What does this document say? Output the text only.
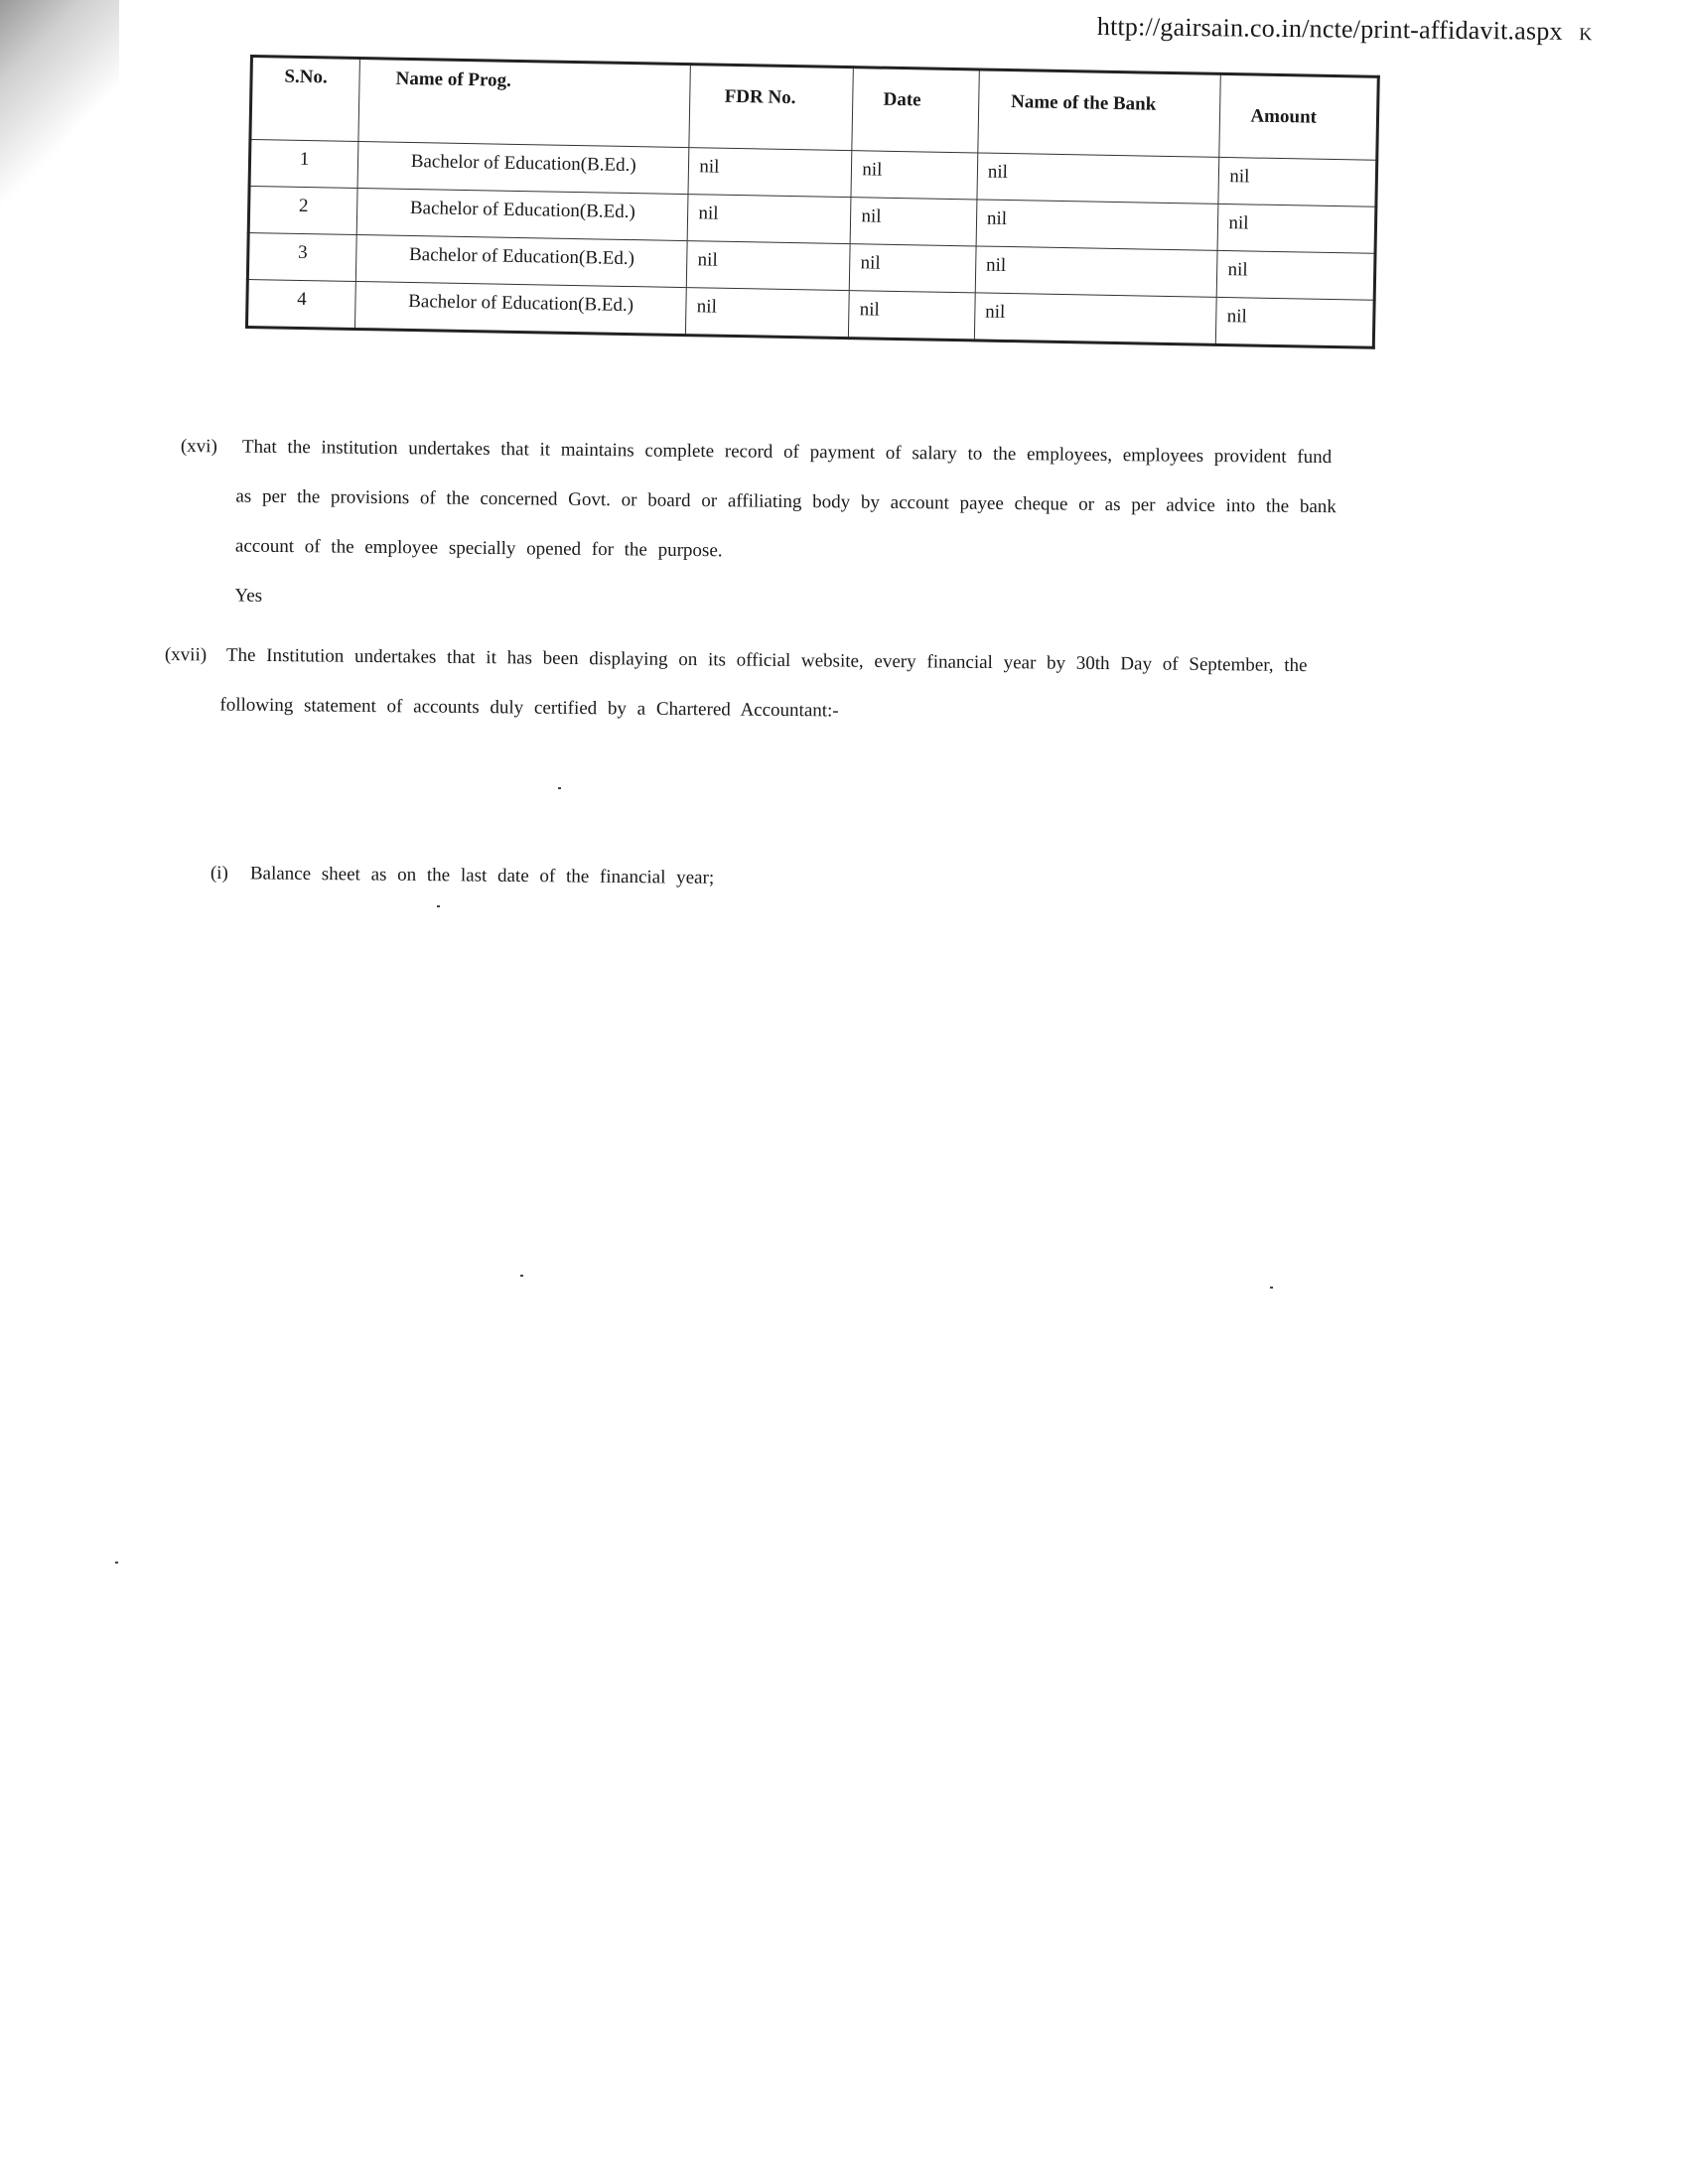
http://gairsain.co.in/ncte/print-affidavit.aspx K
S.No.	Name of Prog.	FDR No.	Date	Name of the Bank	Amount
1	Bachelor of Education(B.Ed.)	nil	nil	nil	nil
2	Bachelor of Education(B.Ed.)	nil	nil	nil	nil
3	Bachelor of Education(B.Ed.)	nil	nil	nil	nil
4	Bachelor of Education(B.Ed.)	nil	nil	nil	nil
(xvi) That the institution undertakes that it maintains complete record of payment of salary to the employees, employees provident fund
as per the provisions of the concerned Govt. or board or affiliating body by account payee cheque or as per advice into the bank
account of the employee specially opened for the purpose.
Yes
(xvii) The Institution undertakes that it has been displaying on its official website, every financial year by 30th Day of September, the
following statement of accounts duly certified by a Chartered Accountant:-
(i) Balance sheet as on the last date of the financial year;
